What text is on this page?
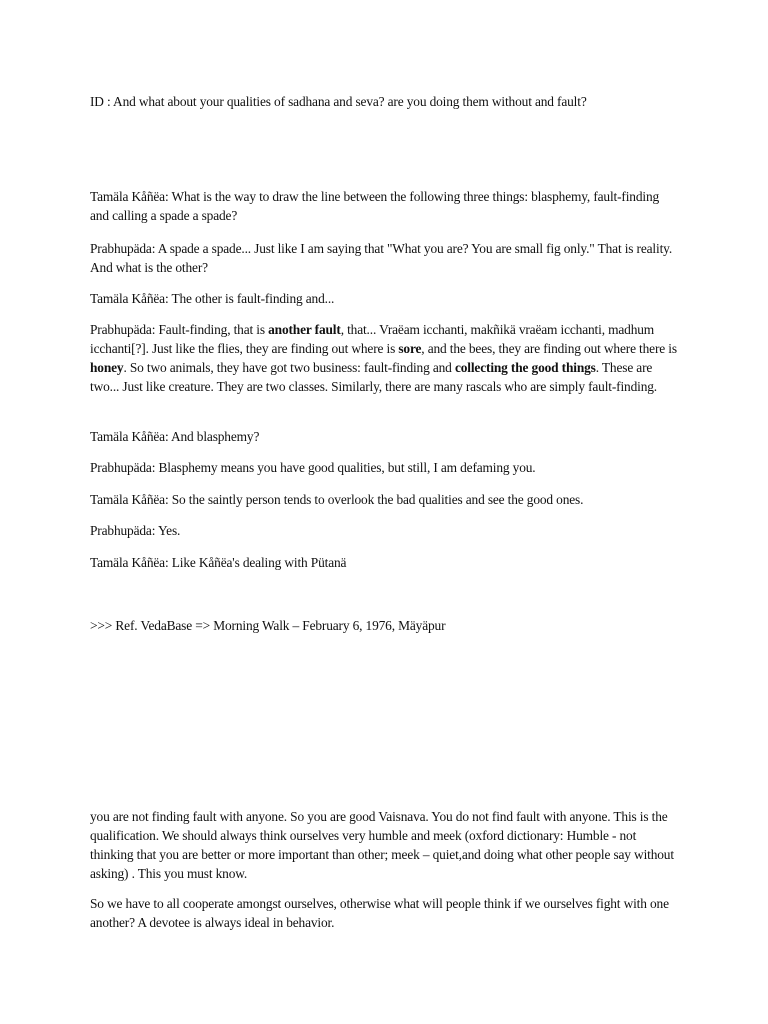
ID : And what about your qualities of sadhana and seva? are you doing them without and fault?

Tamäla Kåñëa: What is the way to draw the line between the following three things: blasphemy, fault-finding and calling a spade a spade?

Prabhupäda: A spade a spade... Just like I am saying that "What you are? You are small fig only." That is reality. And what is the other?

Tamäla Kåñëa: The other is fault-finding and...

Prabhupäda: Fault-finding, that is another fault, that... Vraëam icchanti, makñikä vraëam icchanti, madhum icchanti[?]. Just like the flies, they are finding out where is sore, and the bees, they are finding out where there is honey. So two animals, they have got two business: fault-finding and collecting the good things. These are two... Just like creature. They are two classes. Similarly, there are many rascals who are simply fault-finding.

Tamäla Kåñëa: And blasphemy?

Prabhupäda: Blasphemy means you have good qualities, but still, I am defaming you.

Tamäla Kåñëa: So the saintly person tends to overlook the bad qualities and see the good ones.

Prabhupäda: Yes.

Tamäla Kåñëa: Like Kåñëa's dealing with Pütanä

>>> Ref. VedaBase => Morning Walk – February 6, 1976, Mäyäpur

you are not finding fault with anyone. So you are good Vaisnava. You do not find fault with anyone. This is the qualification. We should always think ourselves very humble and meek (oxford dictionary: Humble - not thinking that you are better or more important than other; meek – quiet,and doing what other people say without asking) . This you must know.

So we have to all cooperate amongst ourselves, otherwise what will people think if we ourselves fight with one another? A devotee is always ideal in behavior.
